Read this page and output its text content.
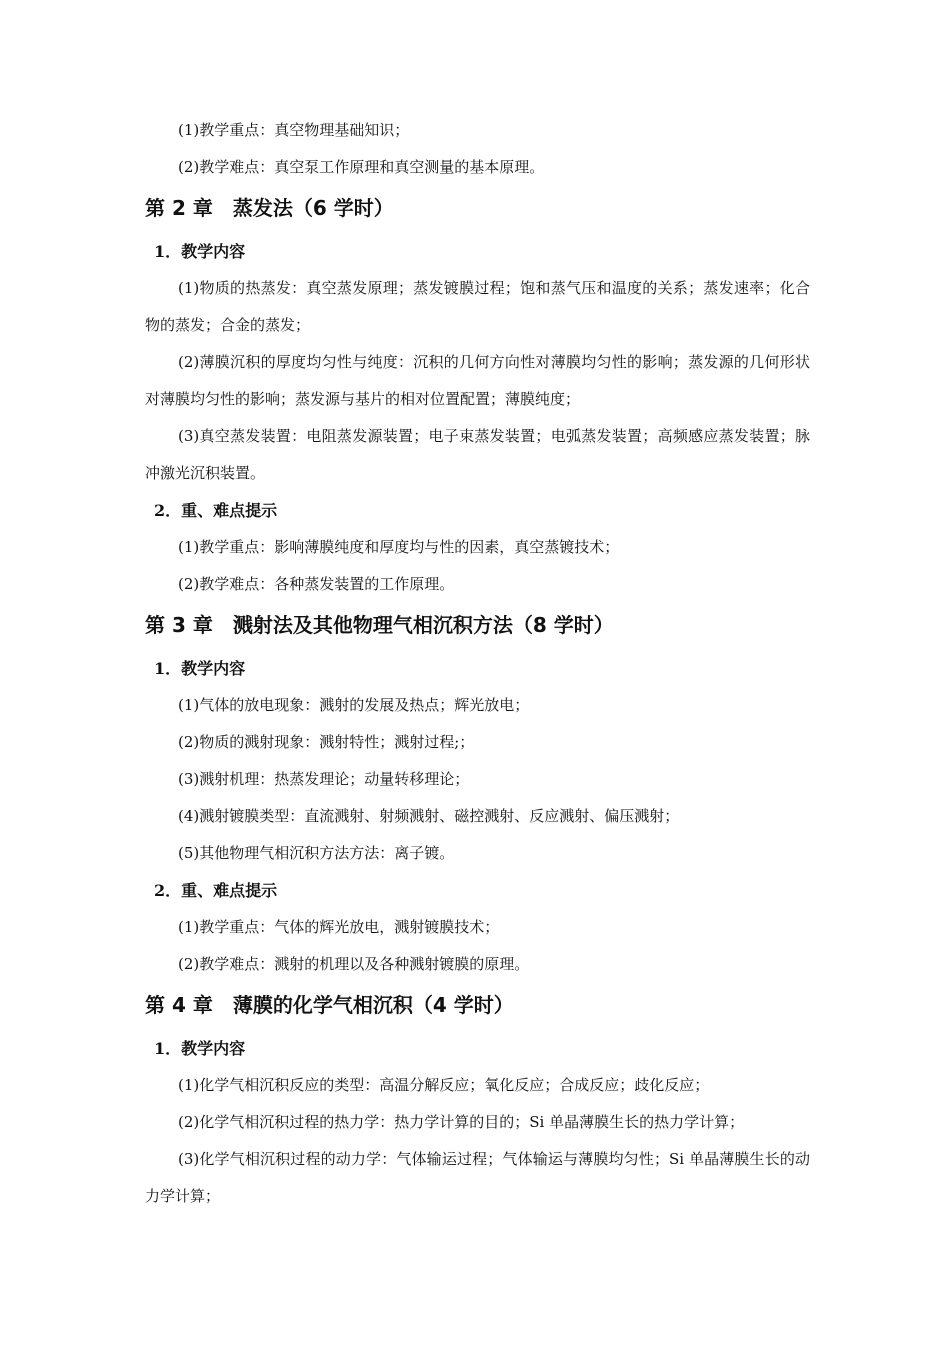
(1)教学重点：真空物理基础知识；

(2)教学难点：真空泵工作原理和真空测量的基本原理。

第 2 章　蒸发法（6 学时）

1．教学内容

(1)物质的热蒸发：真空蒸发原理；蒸发镀膜过程；饱和蒸气压和温度的关系；蒸发速率；化合物的蒸发；合金的蒸发；

(2)薄膜沉积的厚度均匀性与纯度：沉积的几何方向性对薄膜均匀性的影响；蒸发源的几何形状对薄膜均匀性的影响；蒸发源与基片的相对位置配置；薄膜纯度；

(3)真空蒸发装置：电阻蒸发源装置；电子束蒸发装置；电弧蒸发装置；高频感应蒸发装置；脉冲激光沉积装置。

2．重、难点提示

(1)教学重点：影响薄膜纯度和厚度均与性的因素，真空蒸镀技术；

(2)教学难点：各种蒸发装置的工作原理。

第 3 章　溅射法及其他物理气相沉积方法（8 学时）

1．教学内容

(1)气体的放电现象：溅射的发展及热点；辉光放电；

(2)物质的溅射现象：溅射特性；溅射过程;；

(3)溅射机理：热蒸发理论；动量转移理论；

(4)溅射镀膜类型：直流溅射、射频溅射、磁控溅射、反应溅射、偏压溅射；

(5)其他物理气相沉积方法方法：离子镀。

2．重、难点提示

(1)教学重点：气体的辉光放电，溅射镀膜技术；

(2)教学难点：溅射的机理以及各种溅射镀膜的原理。

第 4 章　薄膜的化学气相沉积（4 学时）

1．教学内容

(1)化学气相沉积反应的类型：高温分解反应；氧化反应；合成反应；歧化反应；

(2)化学气相沉积过程的热力学：热力学计算的目的；Si 单晶薄膜生长的热力学计算；

(3)化学气相沉积过程的动力学：气体输运过程；气体输运与薄膜均匀性；Si 单晶薄膜生长的动力学计算；
